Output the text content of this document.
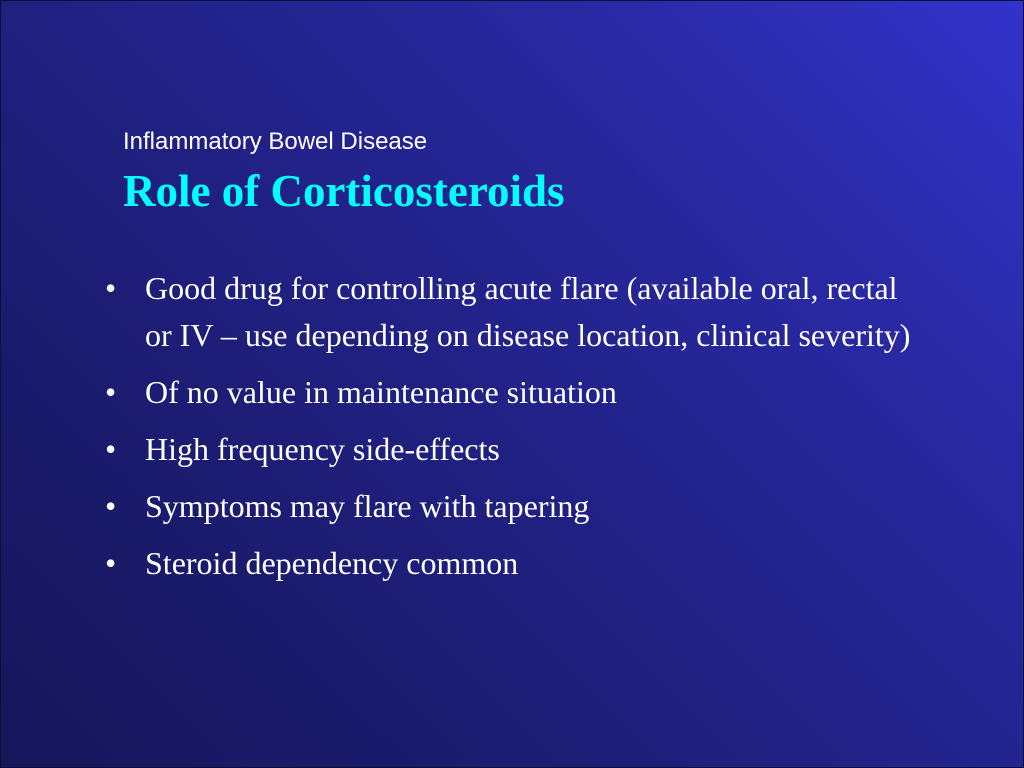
Inflammatory Bowel Disease
Role of Corticosteroids
• Good drug for controlling acute flare (available oral, rectal or IV – use depending on disease location, clinical severity)
• Of no value in maintenance situation
• High frequency side-effects
• Symptoms may flare with tapering
• Steroid dependency common
